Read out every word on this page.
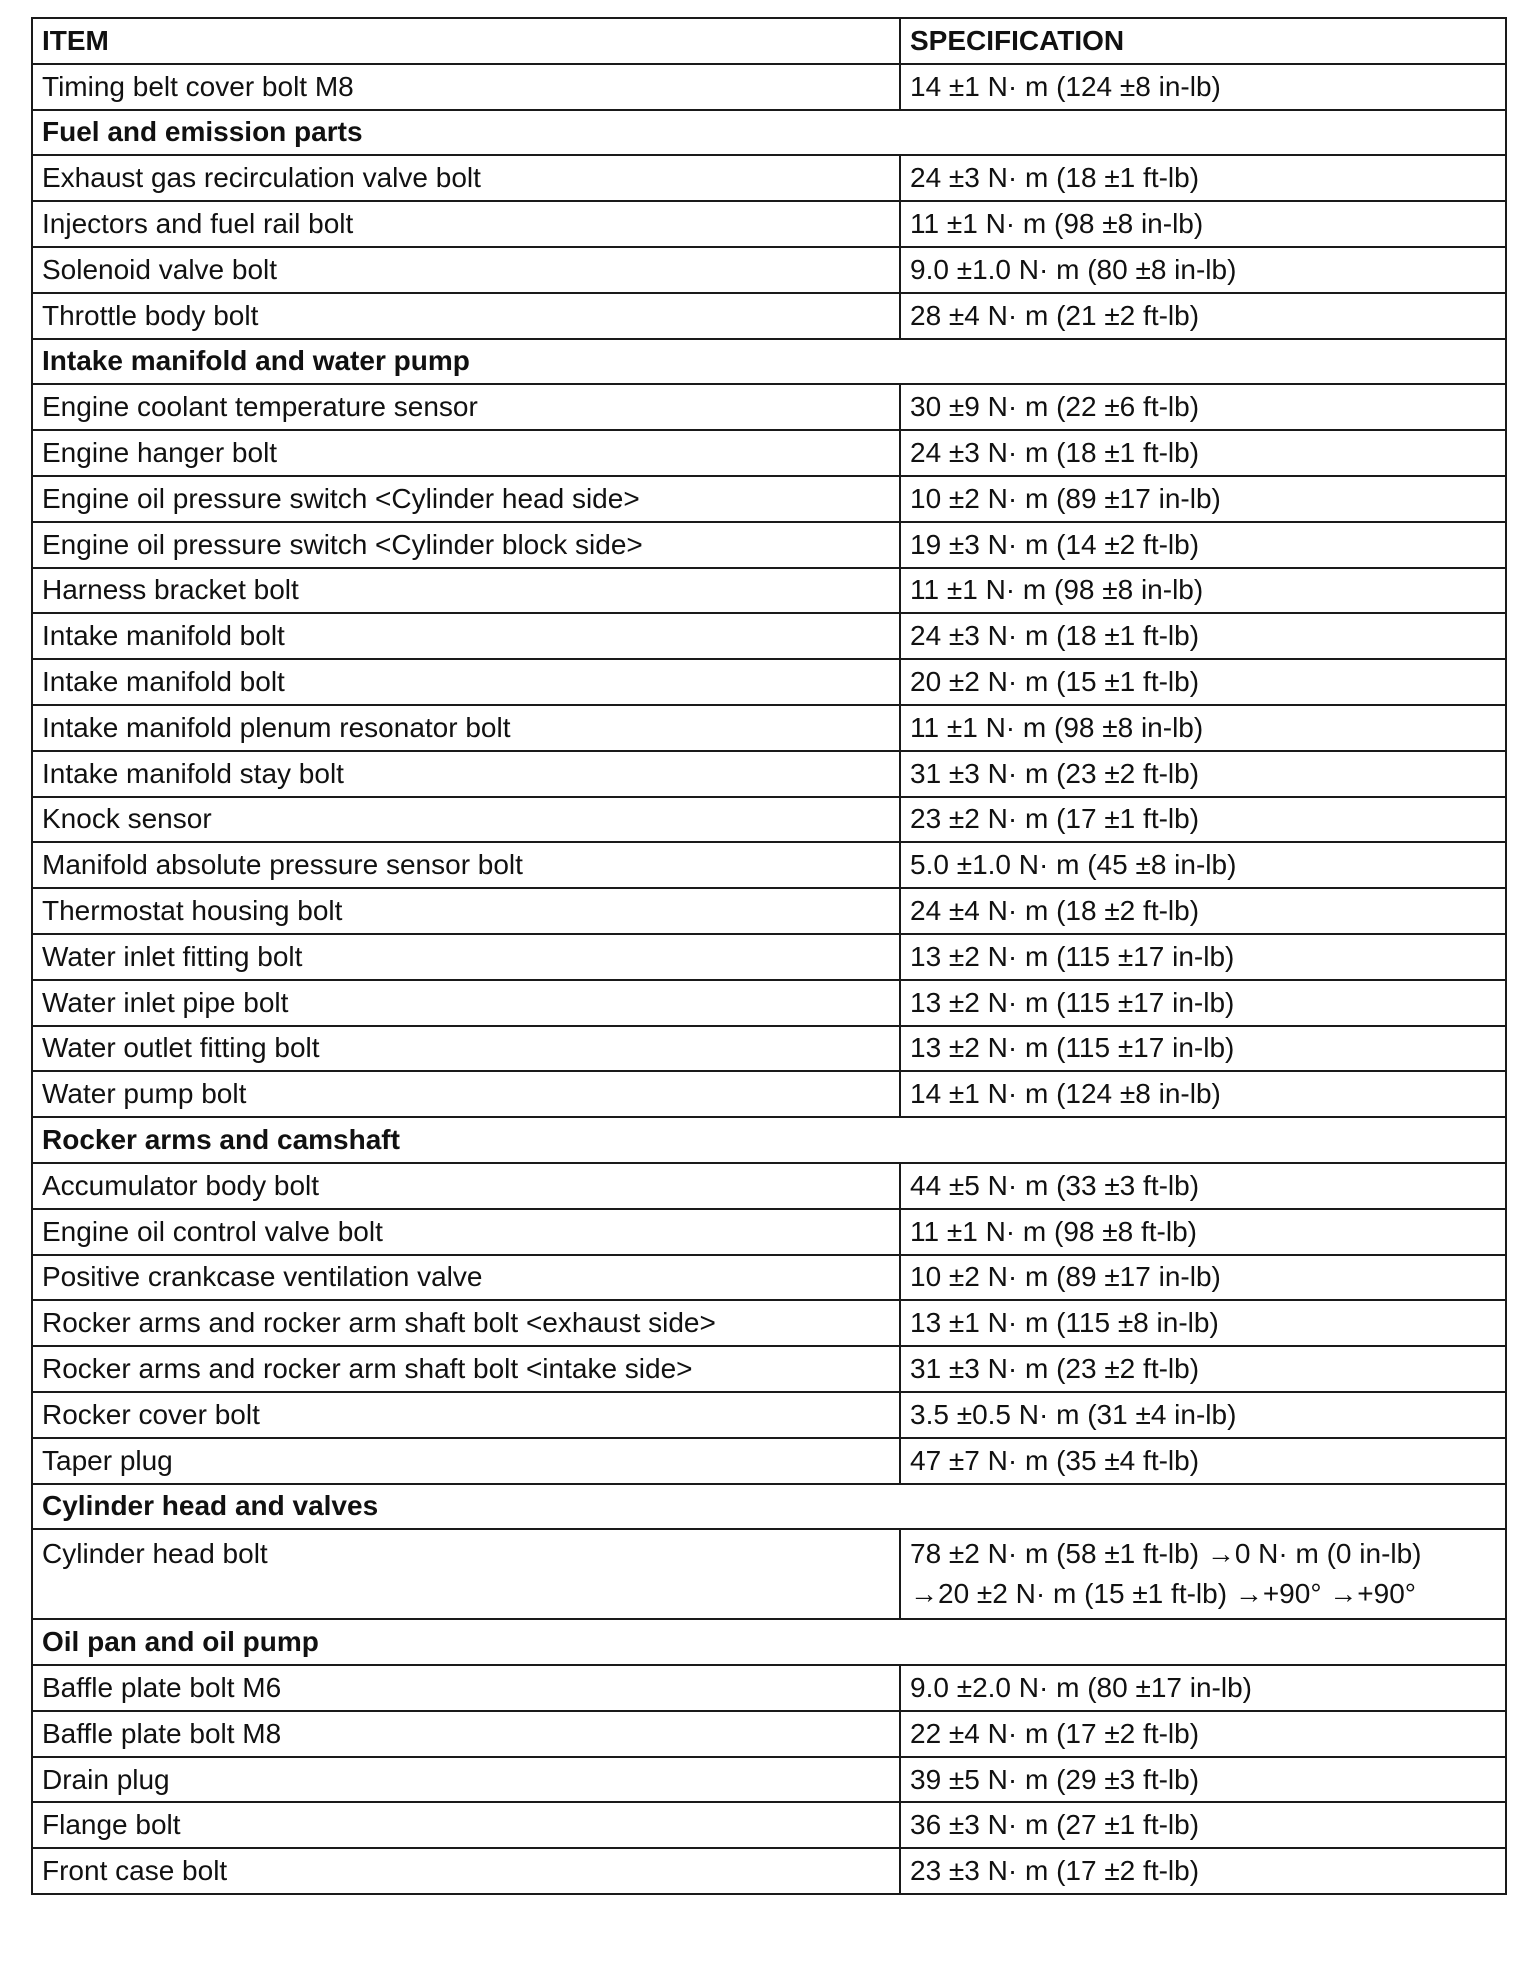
ITEM	SPECIFICATION
Timing belt cover bolt M8	14 ±1 N· m (124 ±8 in-lb)
Fuel and emission parts	
Exhaust gas recirculation valve bolt	24 ±3 N· m (18 ±1 ft-lb)
Injectors and fuel rail bolt	11 ±1 N· m (98 ±8 in-lb)
Solenoid valve bolt	9.0 ±1.0 N· m (80 ±8 in-lb)
Throttle body bolt	28 ±4 N· m (21 ±2 ft-lb)
Intake manifold and water pump	
Engine coolant temperature sensor	30 ±9 N· m (22 ±6 ft-lb)
Engine hanger bolt	24 ±3 N· m (18 ±1 ft-lb)
Engine oil pressure switch <Cylinder head side>	10 ±2 N· m (89 ±17 in-lb)
Engine oil pressure switch <Cylinder block side>	19 ±3 N· m (14 ±2 ft-lb)
Harness bracket bolt	11 ±1 N· m (98 ±8 in-lb)
Intake manifold bolt	24 ±3 N· m (18 ±1 ft-lb)
Intake manifold bolt	20 ±2 N· m (15 ±1 ft-lb)
Intake manifold plenum resonator bolt	11 ±1 N· m (98 ±8 in-lb)
Intake manifold stay bolt	31 ±3 N· m (23 ±2 ft-lb)
Knock sensor	23 ±2 N· m (17 ±1 ft-lb)
Manifold absolute pressure sensor bolt	5.0 ±1.0 N· m (45 ±8 in-lb)
Thermostat housing bolt	24 ±4 N· m (18 ±2 ft-lb)
Water inlet fitting bolt	13 ±2 N· m (115 ±17 in-lb)
Water inlet pipe bolt	13 ±2 N· m (115 ±17 in-lb)
Water outlet fitting bolt	13 ±2 N· m (115 ±17 in-lb)
Water pump bolt	14 ±1 N· m (124 ±8 in-lb)
Rocker arms and camshaft	
Accumulator body bolt	44 ±5 N· m (33 ±3 ft-lb)
Engine oil control valve bolt	11 ±1 N· m (98 ±8 ft-lb)
Positive crankcase ventilation valve	10 ±2 N· m (89 ±17 in-lb)
Rocker arms and rocker arm shaft bolt <exhaust side>	13 ±1 N· m (115 ±8 in-lb)
Rocker arms and rocker arm shaft bolt <intake side>	31 ±3 N· m (23 ±2 ft-lb)
Rocker cover bolt	3.5 ±0.5 N· m (31 ±4 in-lb)
Taper plug	47 ±7 N· m (35 ±4 ft-lb)
Cylinder head and valves	
Cylinder head bolt	78 ±2 N· m (58 ±1 ft-lb) →0 N· m (0 in-lb)
→20 ±2 N· m (15 ±1 ft-lb) →+90° →+90°
Oil pan and oil pump	
Baffle plate bolt M6	9.0 ±2.0 N· m (80 ±17 in-lb)
Baffle plate bolt M8	22 ±4 N· m (17 ±2 ft-lb)
Drain plug	39 ±5 N· m (29 ±3 ft-lb)
Flange bolt	36 ±3 N· m (27 ±1 ft-lb)
Front case bolt	23 ±3 N· m (17 ±2 ft-lb)
